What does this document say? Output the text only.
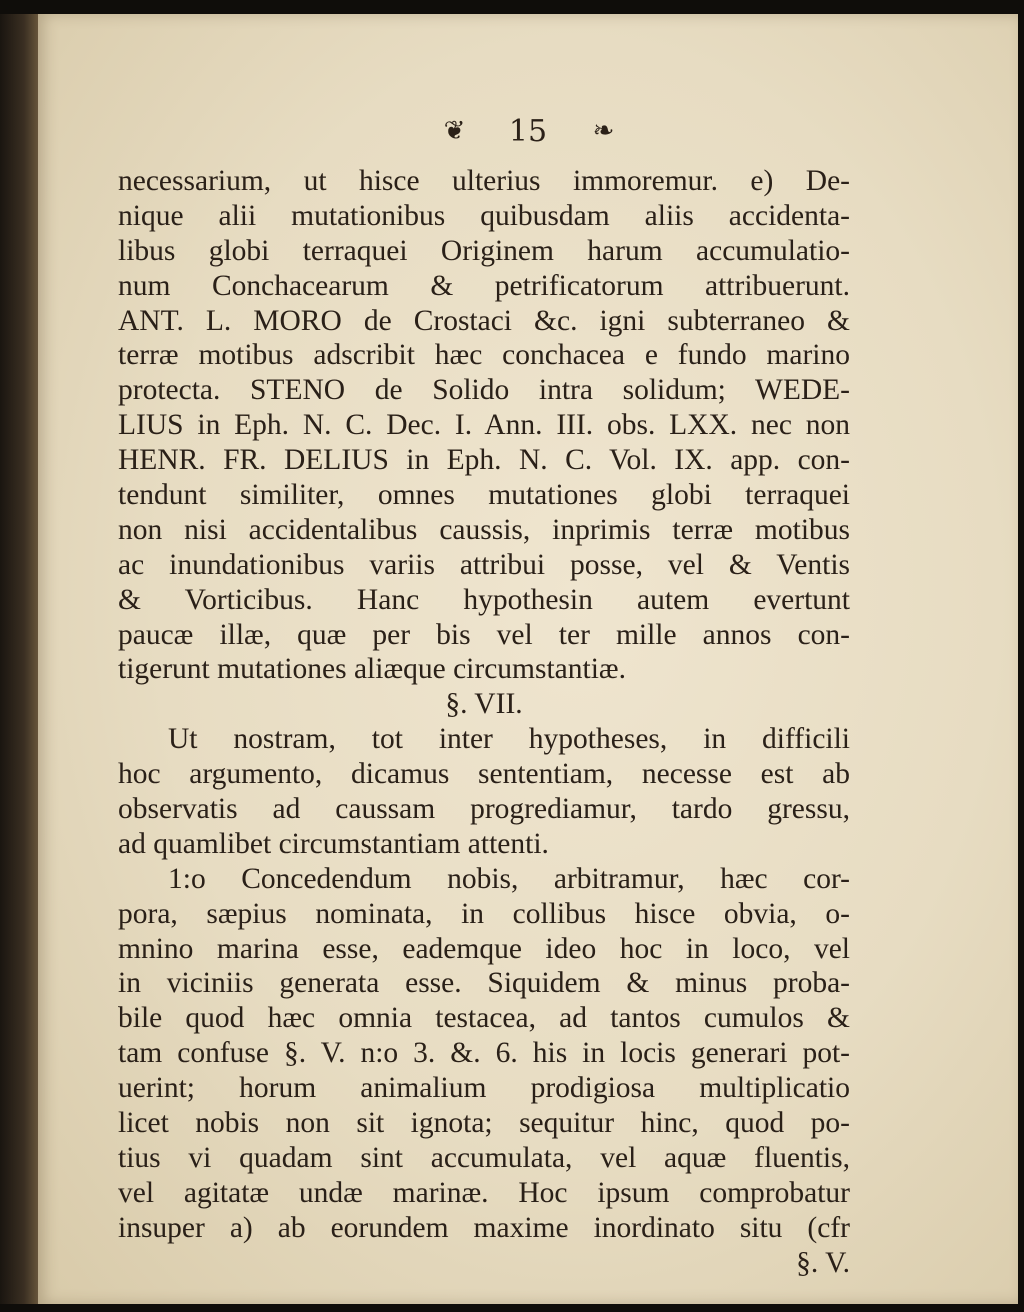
❦ 15 ❧
necessarium, ut hisce ulterius immoremur. e) De-
nique alii mutationibus quibusdam aliis accidenta-
libus globi terraquei Originem harum accumulatio-
num Conchacearum & petrificatorum attribuerunt.
ANT. L. MORO de Crostaci &c. igni subterraneo &
terræ motibus adscribit hæc conchacea e fundo marino
protecta. STENO de Solido intra solidum; WEDE-
LIUS in Eph. N. C. Dec. I. Ann. III. obs. LXX. nec non
HENR. FR. DELIUS in Eph. N. C. Vol. IX. app. con-
tendunt similiter, omnes mutationes globi terraquei
non nisi accidentalibus caussis, inprimis terræ motibus
ac inundationibus variis attribui posse, vel & Ventis
& Vorticibus. Hanc hypothesin autem evertunt
paucæ illæ, quæ per bis vel ter mille annos con-
tigerunt mutationes aliæque circumstantiæ.
§. VII.
Ut nostram, tot inter hypotheses, in difficili
hoc argumento, dicamus sententiam, necesse est ab
observatis ad caussam progrediamur, tardo gressu,
ad quamlibet circumstantiam attenti.
1:o Concedendum nobis, arbitramur, hæc cor-
pora, sæpius nominata, in collibus hisce obvia, o-
mnino marina esse, eademque ideo hoc in loco, vel
in viciniis generata esse. Siquidem & minus proba-
bile quod hæc omnia testacea, ad tantos cumulos &
tam confuse §. V. n:o 3. &. 6. his in locis generari pot-
uerint; horum animalium prodigiosa multiplicatio
licet nobis non sit ignota; sequitur hinc, quod po-
tius vi quadam sint accumulata, vel aquæ fluentis,
vel agitatæ undæ marinæ. Hoc ipsum comprobatur
insuper a) ab eorundem maxime inordinato situ (cfr
§. V.
